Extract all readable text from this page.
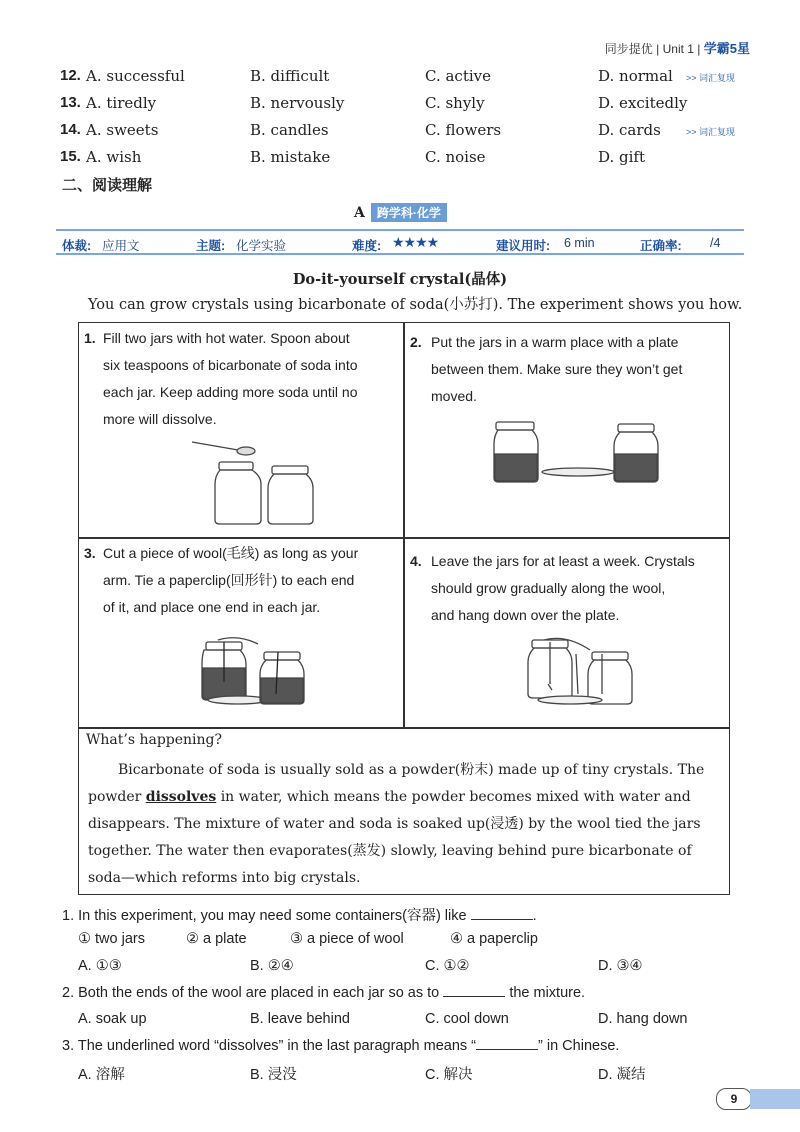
同步提优 | Unit 1 | 学霸5星
12. A. successful	B. difficult	C. active	D. normal >> 词汇复现
13. A. tiredly	B. nervously	C. shyly	D. excitedly
14. A. sweets	B. candles	C. flowers	D. cards	>> 词汇复现
15. A. wish	B. mistake	C. noise	D. gift
二、阅读理解
A 跨学科·化学
体裁: 应用文	主题: 化学实验	难度: ★★★★	建议用时: 6 min	正确率: /4
Do-it-yourself crystal(晶体)
You can grow crystals using bicarbonate of soda(小苏打). The experiment shows you how.
1. Fill two jars with hot water. Spoon about
six teaspoons of bicarbonate of soda into
each jar. Keep adding more soda until no
more will dissolve.
2. Put the jars in a warm place with a plate
between them. Make sure they won’t get
moved.
3. Cut a piece of wool(毛线) as long as your
arm. Tie a paperclip(回形针) to each end
of it, and place one end in each jar.
4. Leave the jars for at least a week. Crystals
should grow gradually along the wool,
and hang down over the plate.
What’s happening?
Bicarbonate of soda is usually sold as a powder(粉末) made up of tiny crystals. The
powder dissolves in water, which means the powder becomes mixed with water and
disappears. The mixture of water and soda is soaked up(浸透) by the wool tied the jars
together. The water then evaporates(蒸发) slowly, leaving behind pure bicarbonate of
soda—which reforms into big crystals.
1. In this experiment, you may need some containers(容器) like	.
① two jars	② a plate	③ a piece of wool	④ a paperclip
A. ①③	B. ②④	C. ①②	D. ③④
2. Both the ends of the wool are placed in each jar so as to	the mixture.
A. soak up	B. leave behind	C. cool down	D. hang down
3. The underlined word “dissolves” in the last paragraph means “	” in Chinese.
A. 溶解	B. 浸没	C. 解决	D. 凝结
9
